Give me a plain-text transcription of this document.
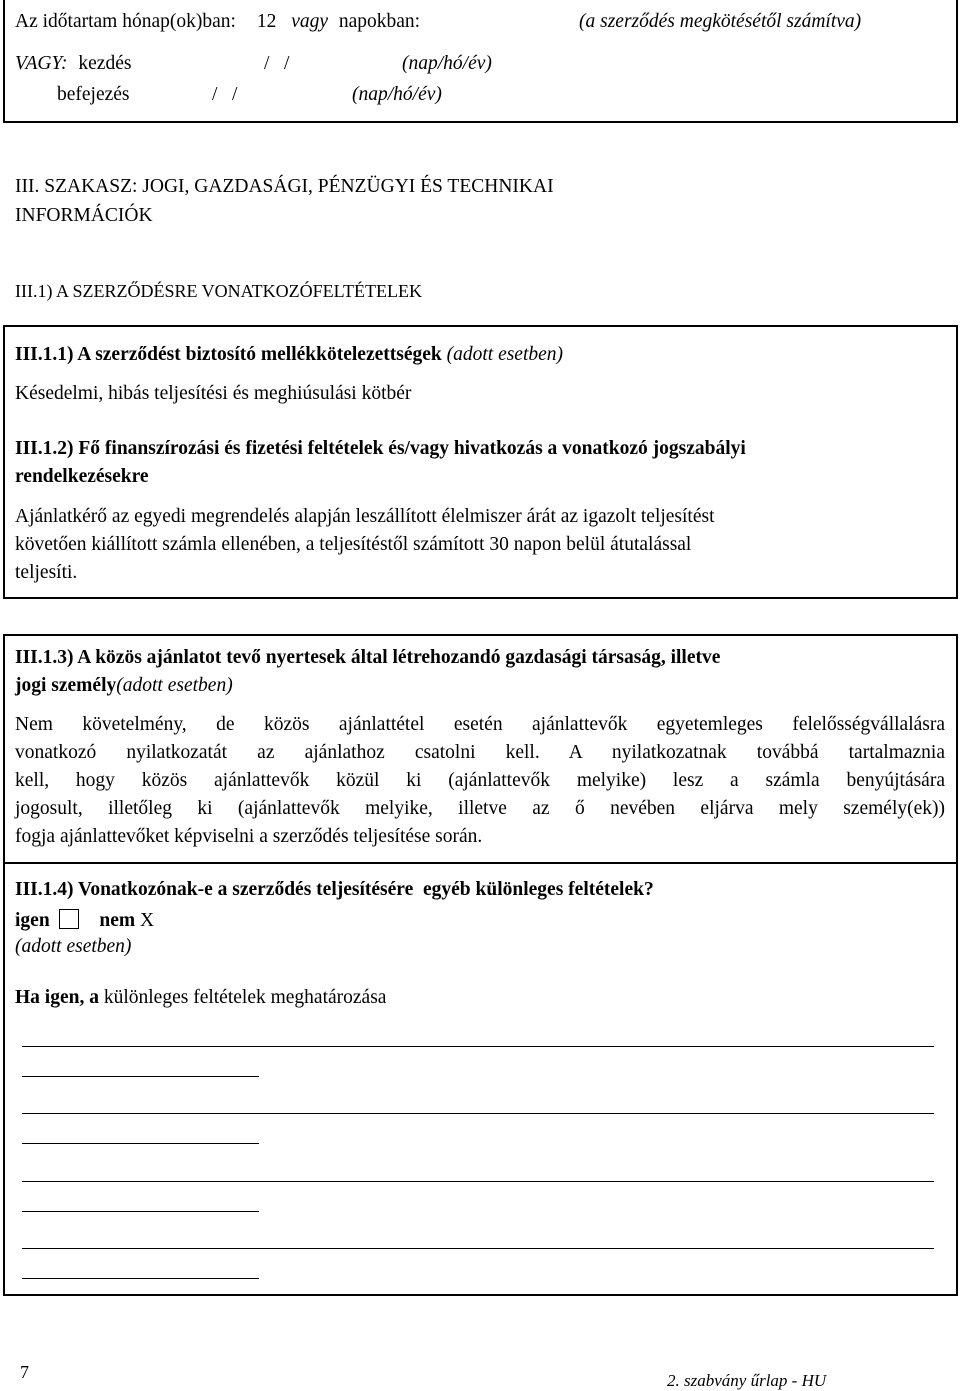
Az időtartam hónap(ok)ban: 12 vagy napokban:	(a szerződés megkötésétől számítva)
VAGY: kezdés	/   /	(nap/hó/év)
befejezés	/   /	(nap/hó/év)
III. SZAKASZ: JOGI, GAZDASÁGI, PÉNZÜGYI ÉS TECHNIKAI
INFORMÁCIÓK
III.1) A SZERZŐDÉSRE VONATKOZÓFELTÉTELEK
III.1.1) A szerződést biztosító mellékkötelezettségek (adott esetben)
Késedelmi, hibás teljesítési és meghiúsulási kötbér
III.1.2) Fő finanszírozási és fizetési feltételek és/vagy hivatkozás a vonatkozó jogszabályi
rendelkezésekre
Ajánlatkérő az egyedi megrendelés alapján leszállított élelmiszer árát az igazolt teljesítést
követően kiállított számla ellenében, a teljesítéstől számított 30 napon belül átutalással
teljesíti.
III.1.3) A közös ajánlatot tevő nyertesek által létrehozandó gazdasági társaság, illetve
jogi személy(adott esetben)
Nem követelmény, de közös ajánlattétel esetén ajánlattevők egyetemleges felelősségvállalásra
vonatkozó nyilatkozatát az ajánlathoz csatolni kell. A nyilatkozatnak továbbá tartalmaznia
kell, hogy közös ajánlattevők közül ki (ajánlattevők melyike) lesz a számla benyújtására
jogosult, illetőleg ki (ajánlattevők melyike, illetve az ő nevében eljárva mely személy(ek))
fogja ajánlattevőket képviselni a szerződés teljesítése során.
III.1.4) Vonatkozónak-e a szerződés teljesítésére  egyéb különleges feltételek?
igen	nem X
(adott esetben)
Ha igen, a különleges feltételek meghatározása
7	2. szabvány űrlap - HU
